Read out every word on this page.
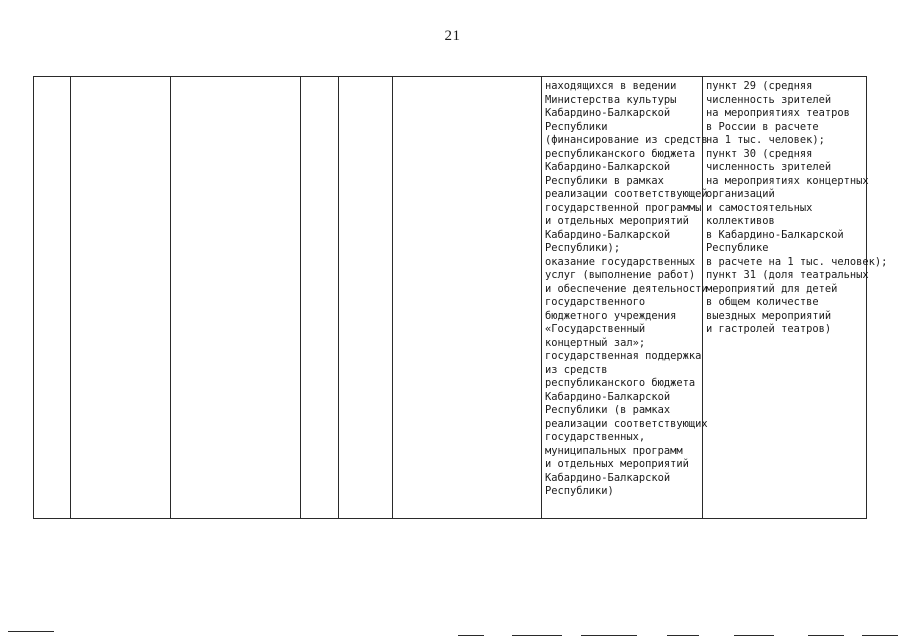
21
находящихся в ведении
Министерства культуры
Кабардино-Балкарской
Республики
(финансирование из средств
республиканского бюджета
Кабардино-Балкарской
Республики в рамках
реализации соответствующей
государственной программы
и отдельных мероприятий
Кабардино-Балкарской
Республики);
оказание государственных
услуг (выполнение работ)
и обеспечение деятельности
государственного
бюджетного учреждения
«Государственный
концертный зал»;
государственная поддержка
из средств
республиканского бюджета
Кабардино-Балкарской
Республики (в рамках
реализации соответствующих
государственных,
муниципальных программ
и отдельных мероприятий
Кабардино-Балкарской
Республики)
пункт 29 (средняя
численность зрителей
на мероприятиях театров
в России в расчете
на 1 тыс. человек);
пункт 30 (средняя
численность зрителей
на мероприятиях концертных
организаций
и самостоятельных
коллективов
в Кабардино-Балкарской
Республике
в расчете на 1 тыс. человек);
пункт 31 (доля театральных
мероприятий для детей
в общем количестве
выездных мероприятий
и гастролей театров)
